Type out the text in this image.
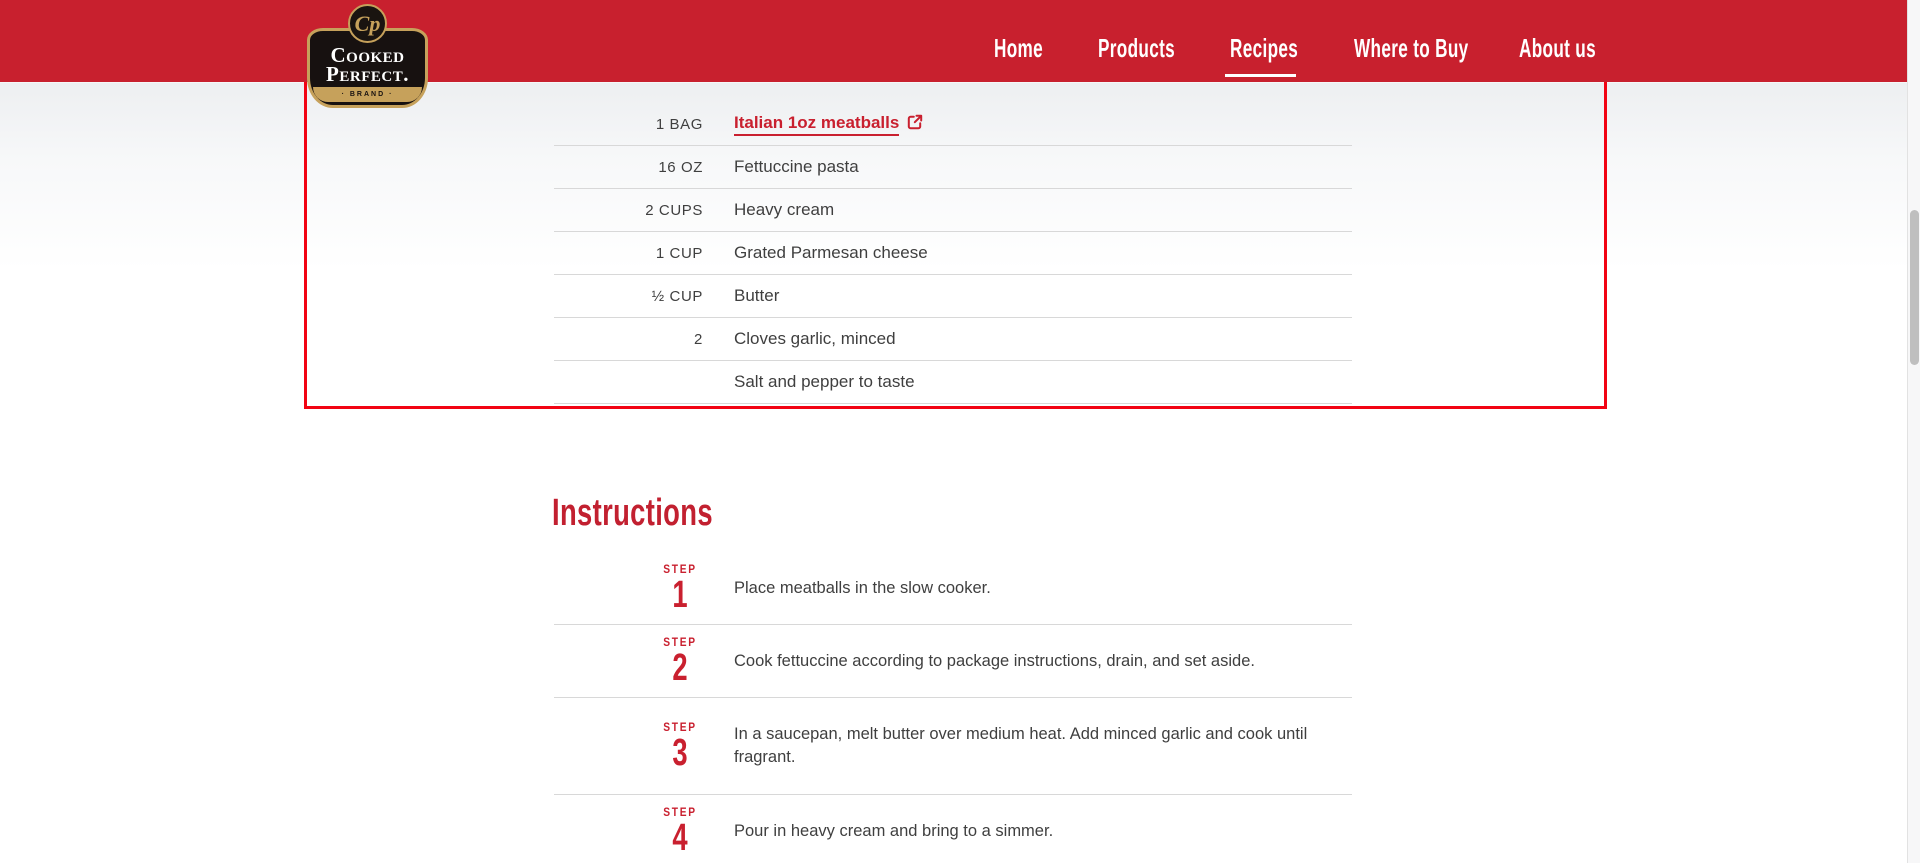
Home Products Recipes Where to Buy About us
Cooked
Perfect.
· BRAND ·
Cp
1 BAG Italian 1oz meatballs
16 OZ Fettuccine pasta
2 CUPS Heavy cream
1 CUP Grated Parmesan cheese
½ CUP Butter
2 Cloves garlic, minced
Salt and pepper to taste
Instructions
STEP
1	Place meatballs in the slow cooker.
STEP
2	Cook fettuccine according to package instructions, drain, and set aside.
STEP
3	In a saucepan, melt butter over medium heat. Add minced garlic and cook until fragrant.
STEP
4	Pour in heavy cream and bring to a simmer.
